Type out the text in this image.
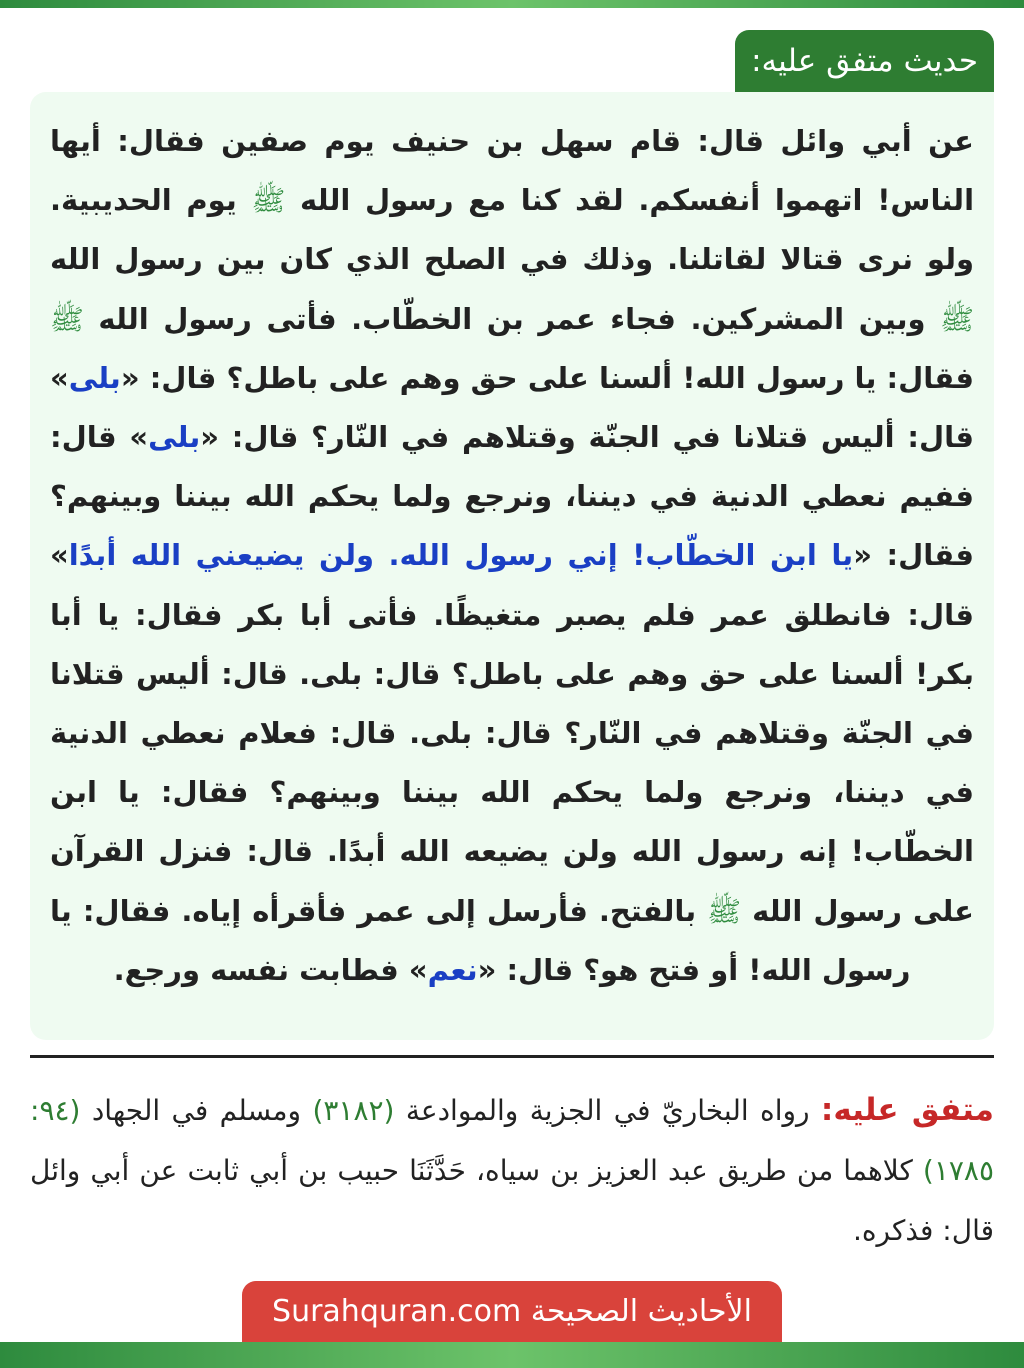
حديث متفق عليه:

عن أبي وائل قال: قام سهل بن حنيف يوم صفين فقال: أيها الناس! اتهموا أنفسكم. لقد كنا مع رسول الله ﷺ يوم الحديبية. ولو نرى قتالا لقاتلنا. وذلك في الصلح الذي كان بين رسول الله ﷺ وبين المشركين. فجاء عمر بن الخطّاب. فأتى رسول الله ﷺ فقال: يا رسول الله! ألسنا على حق وهم على باطل؟ قال: «بلى» قال: أليس قتلانا في الجنّة وقتلاهم في النّار؟ قال: «بلى» قال: ففيم نعطي الدنية في ديننا، ونرجع ولما يحكم الله بيننا وبينهم؟ فقال: «يا ابن الخطّاب! إني رسول الله. ولن يضيعني الله أبدًا» قال: فانطلق عمر فلم يصبر متغيظًا. فأتى أبا بكر فقال: يا أبا بكر! ألسنا على حق وهم على باطل؟ قال: بلى. قال: أليس قتلانا في الجنّة وقتلاهم في النّار؟ قال: بلى. قال: فعلام نعطي الدنية في ديننا، ونرجع ولما يحكم الله بيننا وبينهم؟ فقال: يا ابن الخطّاب! إنه رسول الله ولن يضيعه الله أبدًا. قال: فنزل القرآن على رسول الله ﷺ بالفتح. فأرسل إلى عمر فأقرأه إياه. فقال: يا رسول الله! أو فتح هو؟ قال: «نعم» فطابت نفسه ورجع.

متفق عليه: رواه البخاريّ في الجزية والموادعة (٣١٨٢) ومسلم في الجهاد (٩٤: ١٧٨٥) كلاهما من طريق عبد العزيز بن سياه، حَدَّثَنَا حبيب بن أبي ثابت عن أبي وائل قال: فذكره.

الأحاديث الصحيحة Surahquran.com
